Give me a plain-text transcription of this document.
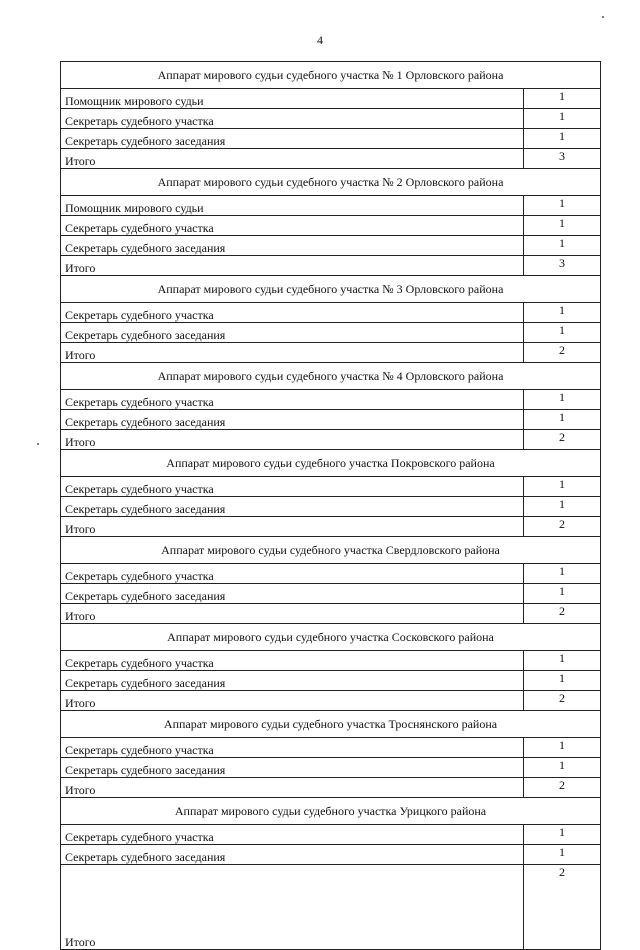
4
Аппарат мирового судьи судебного участка № 1 Орловского района	
Помощник мирового судьи	1
Секретарь судебного участка	1
Секретарь судебного заседания	1
Итого	3
Аппарат мирового судьи судебного участка № 2 Орловского района	
Помощник мирового судьи	1
Секретарь судебного участка	1
Секретарь судебного заседания	1
Итого	3
Аппарат мирового судьи судебного участка № 3 Орловского района	
Секретарь судебного участка	1
Секретарь судебного заседания	1
Итого	2
Аппарат мирового судьи судебного участка № 4 Орловского района	
Секретарь судебного участка	1
Секретарь судебного заседания	1
Итого	2
Аппарат мирового судьи судебного участка Покровского района	
Секретарь судебного участка	1
Секретарь судебного заседания	1
Итого	2
Аппарат мирового судьи судебного участка Свердловского района	
Секретарь судебного участка	1
Секретарь судебного заседания	1
Итого	2
Аппарат мирового судьи судебного участка Сосковского района	
Секретарь судебного участка	1
Секретарь судебного заседания	1
Итого	2
Аппарат мирового судьи судебного участка Троснянского района	
Секретарь судебного участка	1
Секретарь судебного заседания	1
Итого	2
Аппарат мирового судьи судебного участка Урицкого района	
Секретарь судебного участка	1
Секретарь судебного заседания	1
Итого	2
